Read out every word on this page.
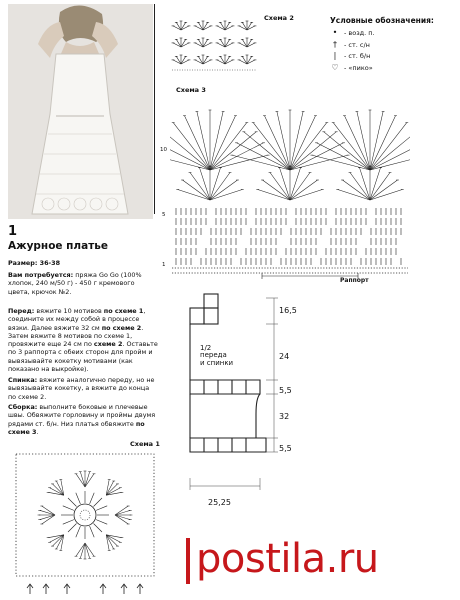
1
Ажурное платье
Размер: 36-38
Вам потребуется: пряжа Go Go (100% хлопок, 240 м/50 г) - 450 г кремового цвета, крючок №2.
Перед: вяжите 10 мотивов по схеме 1, соедините их между собой в процессе вязки. Далее вяжите 32 см по схеме 2. Затем вяжите 8 мотивов по схеме 1, провяжите еще 24 см по схеме 2. Оставьте по 3 раппорта с обеих сторон для пройм и вывязывайте кокетку мотивами (как показано на выкройке).
Спинка: вяжите аналогично переду, но не вывязывайте кокетку, а вяжите до конца по схеме 2.
Сборка: выполните боковые и плечевые швы. Обвяжите горловину и проймы двумя рядами ст. б/н. Низ платья обвяжите по схеме 3.
Схема 1
Схема 2	Условные обозначения:
•	- возд. п.
†	- ст. с/н
|	- ст. б/н
♡ - «пико»
Схема 3
10
5
1
Раппорт
1/2
переда
и спинки
16,5
24
5,5
32
5,5
25,25
postila.ru
